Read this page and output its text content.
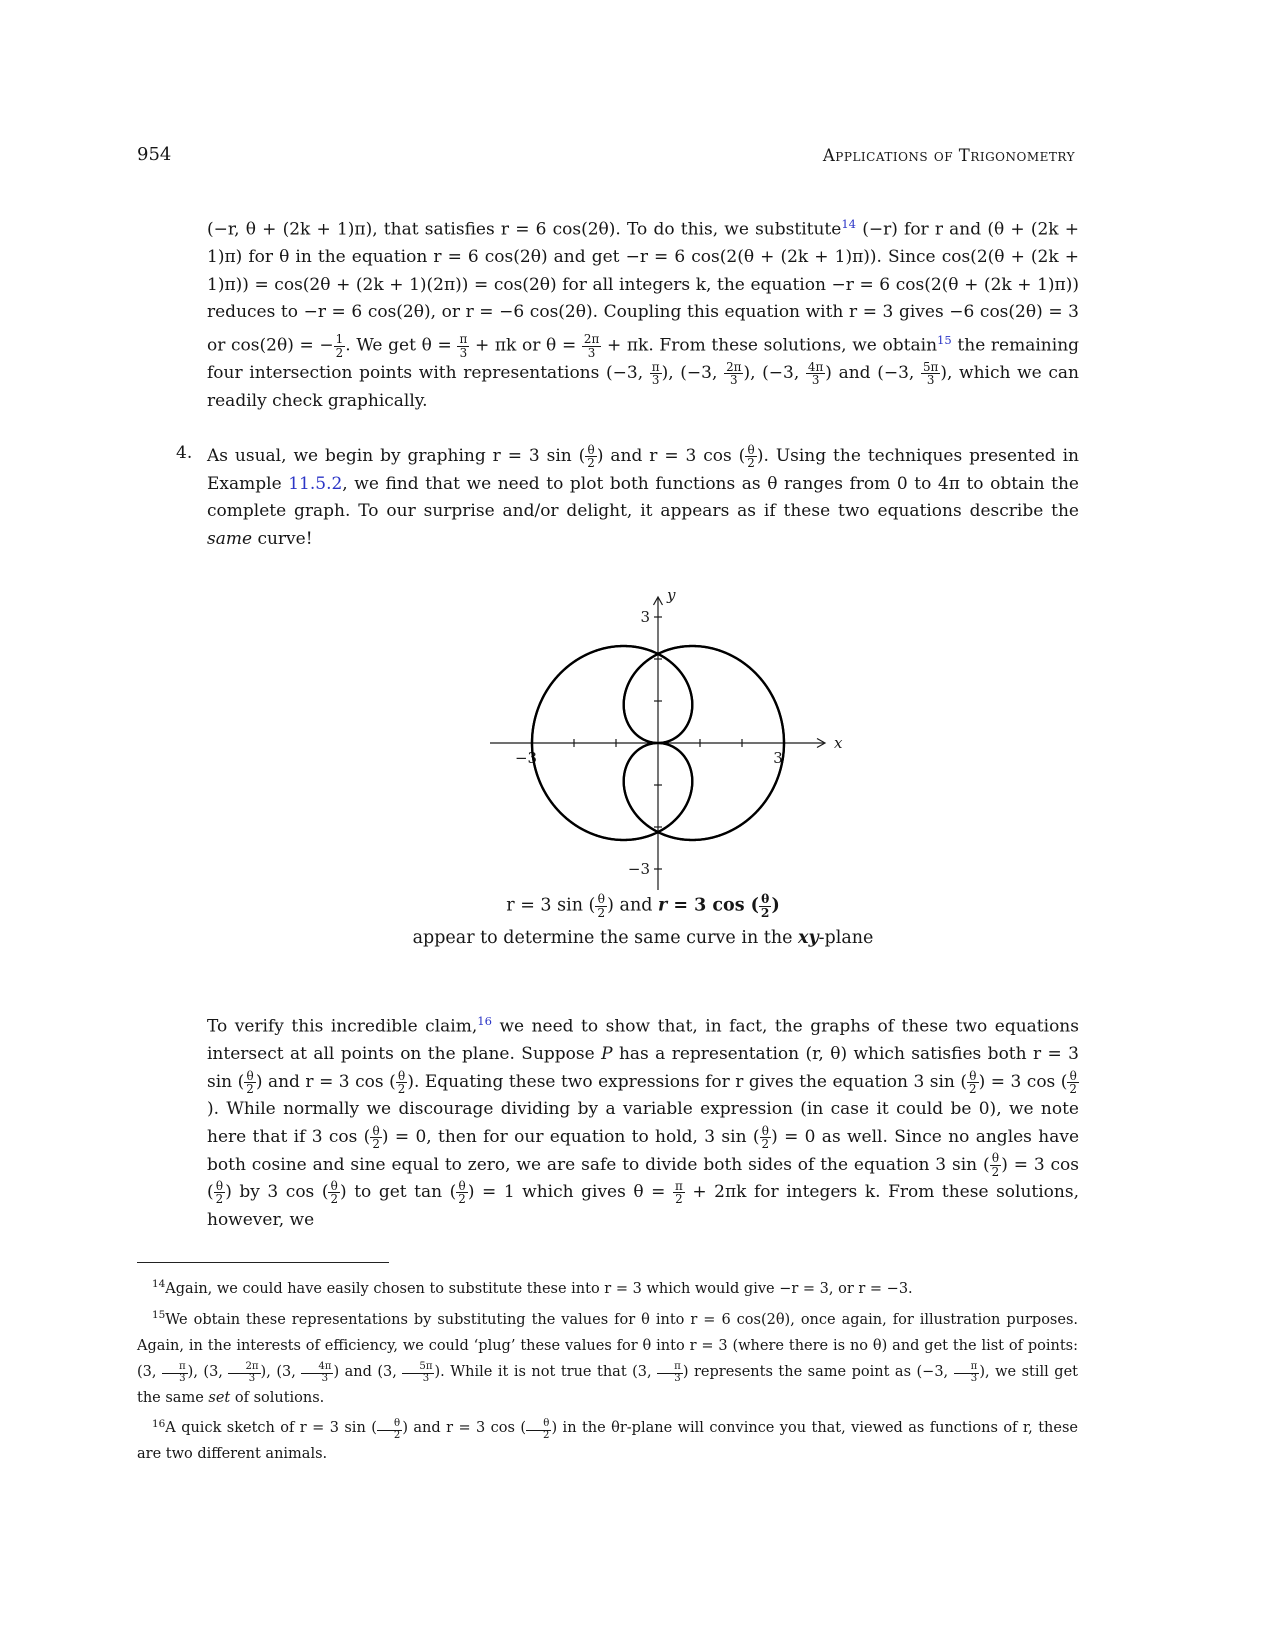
954	Applications of Trigonometry
(−r, θ + (2k + 1)π), that satisfies r = 6 cos(2θ). To do this, we substitute$^{14}$ (−r) for r and (θ + (2k + 1)π) for θ in the equation r = 6 cos(2θ) and get −r = 6 cos(2(θ + (2k + 1)π)). Since cos(2(θ + (2k + 1)π)) = cos(2θ + (2k + 1)(2π)) = cos(2θ) for all integers k, the equation −r = 6 cos(2(θ + (2k + 1)π)) reduces to −r = 6 cos(2θ), or r = −6 cos(2θ). Coupling this equation with r = 3 gives −6 cos(2θ) = 3 or cos(2θ) = − $\frac{1}{2}$ . We get $\theta = \frac{\pi}{3} + \pi k$ or $\theta = \frac{2\pi}{3} + \pi k$. From these solutions, we obtain$^{15}$ the remaining four intersection points with representations (−3, $\frac{\pi}{3}$ ), (−3, $\frac{2\pi}{3}$ ), (−3, $\frac{4\pi}{3}$ ) and (−3, $\frac{5\pi}{3}$ ), which we can readily check graphically.
4. As usual, we begin by graphing r = 3 sin ( $\frac{\theta}{2}$ ) and r = 3 cos ( $\frac{\theta}{2}$ ). Using the techniques presented in Example 11.5.2, we find that we need to plot both functions as θ ranges from 0 to 4π to obtain the complete graph. To our surprise and/or delight, it appears as if these two equations describe the same curve!
−3	3
3
−3
x
y
r = 3 sin ( $\frac{\theta}{2}$ ) and r = 3 cos ( $\frac{\theta}{2}$ )
appear to determine the same curve in the xy-plane
To verify this incredible claim,$^{16}$ we need to show that, in fact, the graphs of these two equations intersect at all points on the plane. Suppose P has a representation (r, θ) which satisfies both r = 3 sin ( $\frac{\theta}{2}$ ) and r = 3 cos ( $\frac{\theta}{2}$ ). Equating these two expressions for r gives the equation 3 sin ( $\frac{\theta}{2}$ ) = 3 cos ( $\frac{\theta}{2}$
). While normally we discourage dividing by a variable expression (in case it could be 0), we note here that if 3 cos ( $\frac{\theta}{2}$ ) = 0, then for our equation to hold, 3 sin ( $\frac{\theta}{2}$ ) = 0 as well. Since no angles have both cosine and sine equal to zero, we are safe to divide both sides of the equation 3 sin ( $\frac{\theta}{2}$ ) = 3 cos ( $\frac{\theta}{2}$ ) by 3 cos ( $\frac{\theta}{2}$ ) to get tan ( $\frac{\theta}{2}$ ) = 1 which gives $\theta = \frac{\pi}{2} + 2\pi k$ for integers k. From these solutions, however, we
$^{14}$Again, we could have easily chosen to substitute these into r = 3 which would give −r = 3, or r = −3.
$^{15}$We obtain these representations by substituting the values for θ into r = 6 cos(2θ), once again, for illustration purposes. Again, in the interests of efficiency, we could ‘plug’ these values for θ into r = 3 (where there is no θ) and get the list of points: (3, $\frac{\pi}{3}$ ), (3, $\frac{2\pi}{3}$ ), (3, $\frac{4\pi}{3}$ ) and (3, $\frac{5\pi}{3}$ ). While it is not true that (3, $\frac{\pi}{3}$ ) represents the same point as (−3, $\frac{\pi}{3}$ ), we still get the same set of solutions.
$^{16}$A quick sketch of r = 3 sin ( $\frac{\theta}{2}$ ) and r = 3 cos ( $\frac{\theta}{2}$ ) in the θr-plane will convince you that, viewed as functions of r, these are two different animals.
